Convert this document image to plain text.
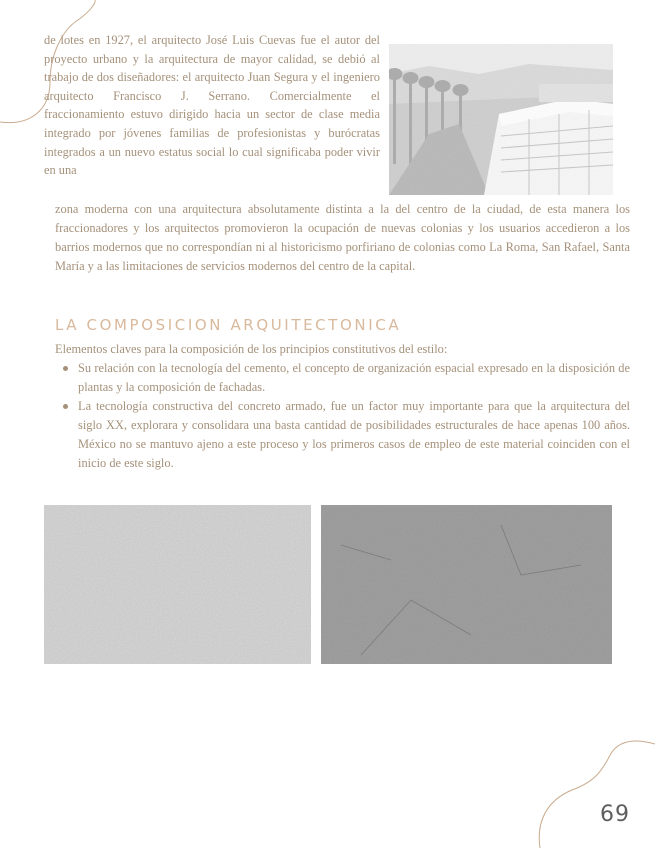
de lotes en 1927, el arquitecto José Luis Cuevas fue el autor del proyecto urbano y la arquitectura de mayor calidad, se debió al trabajo de dos diseñadores: el arquitecto Juan Segura y el ingeniero arquitecto Francisco J. Serrano. Comercialmente el fraccionamiento estuvo dirigido hacia un sector de clase media integrado por jóvenes familias de profesionistas y burócratas integrados a un nuevo estatus social lo cual significaba poder vivir en una

zona moderna con una arquitectura absolutamente distinta a la del centro de la ciudad, de esta manera los fraccionadores y los arquitectos promovieron la ocupación de nuevas colonias y los usuarios accedieron a los barrios modernos que no correspondían ni al historicismo porfiriano de colonias como La Roma, San Rafael, Santa María y a las limitaciones de servicios modernos del centro de la capital.

LA COMPOSICION ARQUITECTONICA

Elementos claves para la composición de los principios constitutivos del estilo:

Su relación con la tecnología del cemento, el concepto de organización espacial expresado en la disposición de plantas y la composición de fachadas.
La tecnología constructiva del concreto armado, fue un factor muy importante para que la arquitectura del siglo XX, explorara y consolidara una basta cantidad de posibilidades estructurales de hace apenas 100 años. México no se mantuvo ajeno a este proceso y los primeros casos de empleo de este material coinciden con el inicio de este siglo.

69
